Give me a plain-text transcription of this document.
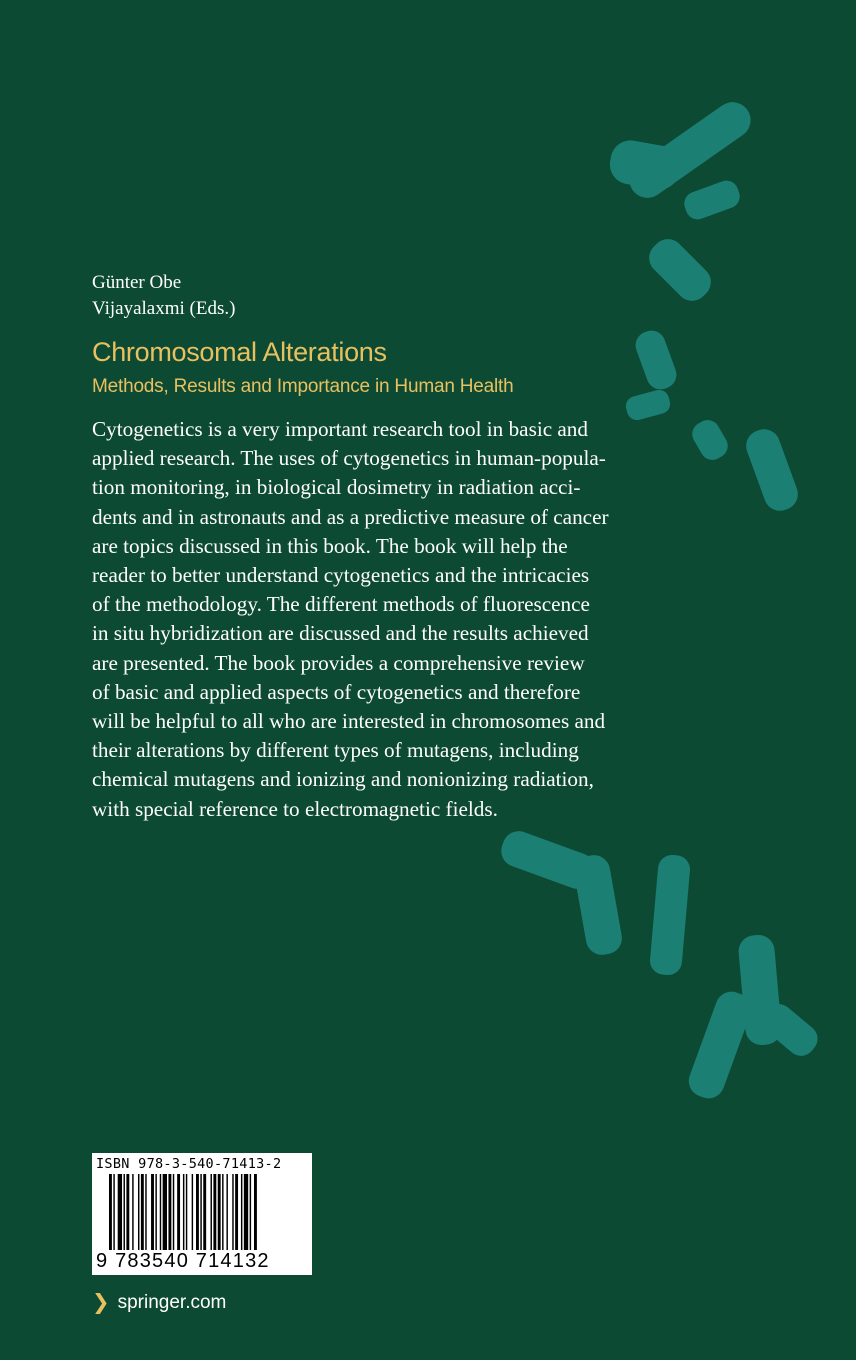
Günter Obe
Vijayalaxmi (Eds.)
Chromosomal Alterations
Methods, Results and Importance in Human Health
Cytogenetics is a very important research tool in basic and
applied research. The uses of cytogenetics in human-popula-
tion monitoring, in biological dosimetry in radiation acci-
dents and in astronauts and as a predictive measure of cancer
are topics discussed in this book. The book will help the
reader to better understand cytogenetics and the intricacies
of the methodology. The different methods of fluorescence
in situ hybridization are discussed and the results achieved
are presented. The book provides a comprehensive review
of basic and applied aspects of cytogenetics and therefore
will be helpful to all who are interested in chromosomes and
their alterations by different types of mutagens, including
chemical mutagens and ionizing and nonionizing radiation,
with special reference to electromagnetic fields.
ISBN 978-3-540-71413-2
9 783540 714132
❯ springer.com
